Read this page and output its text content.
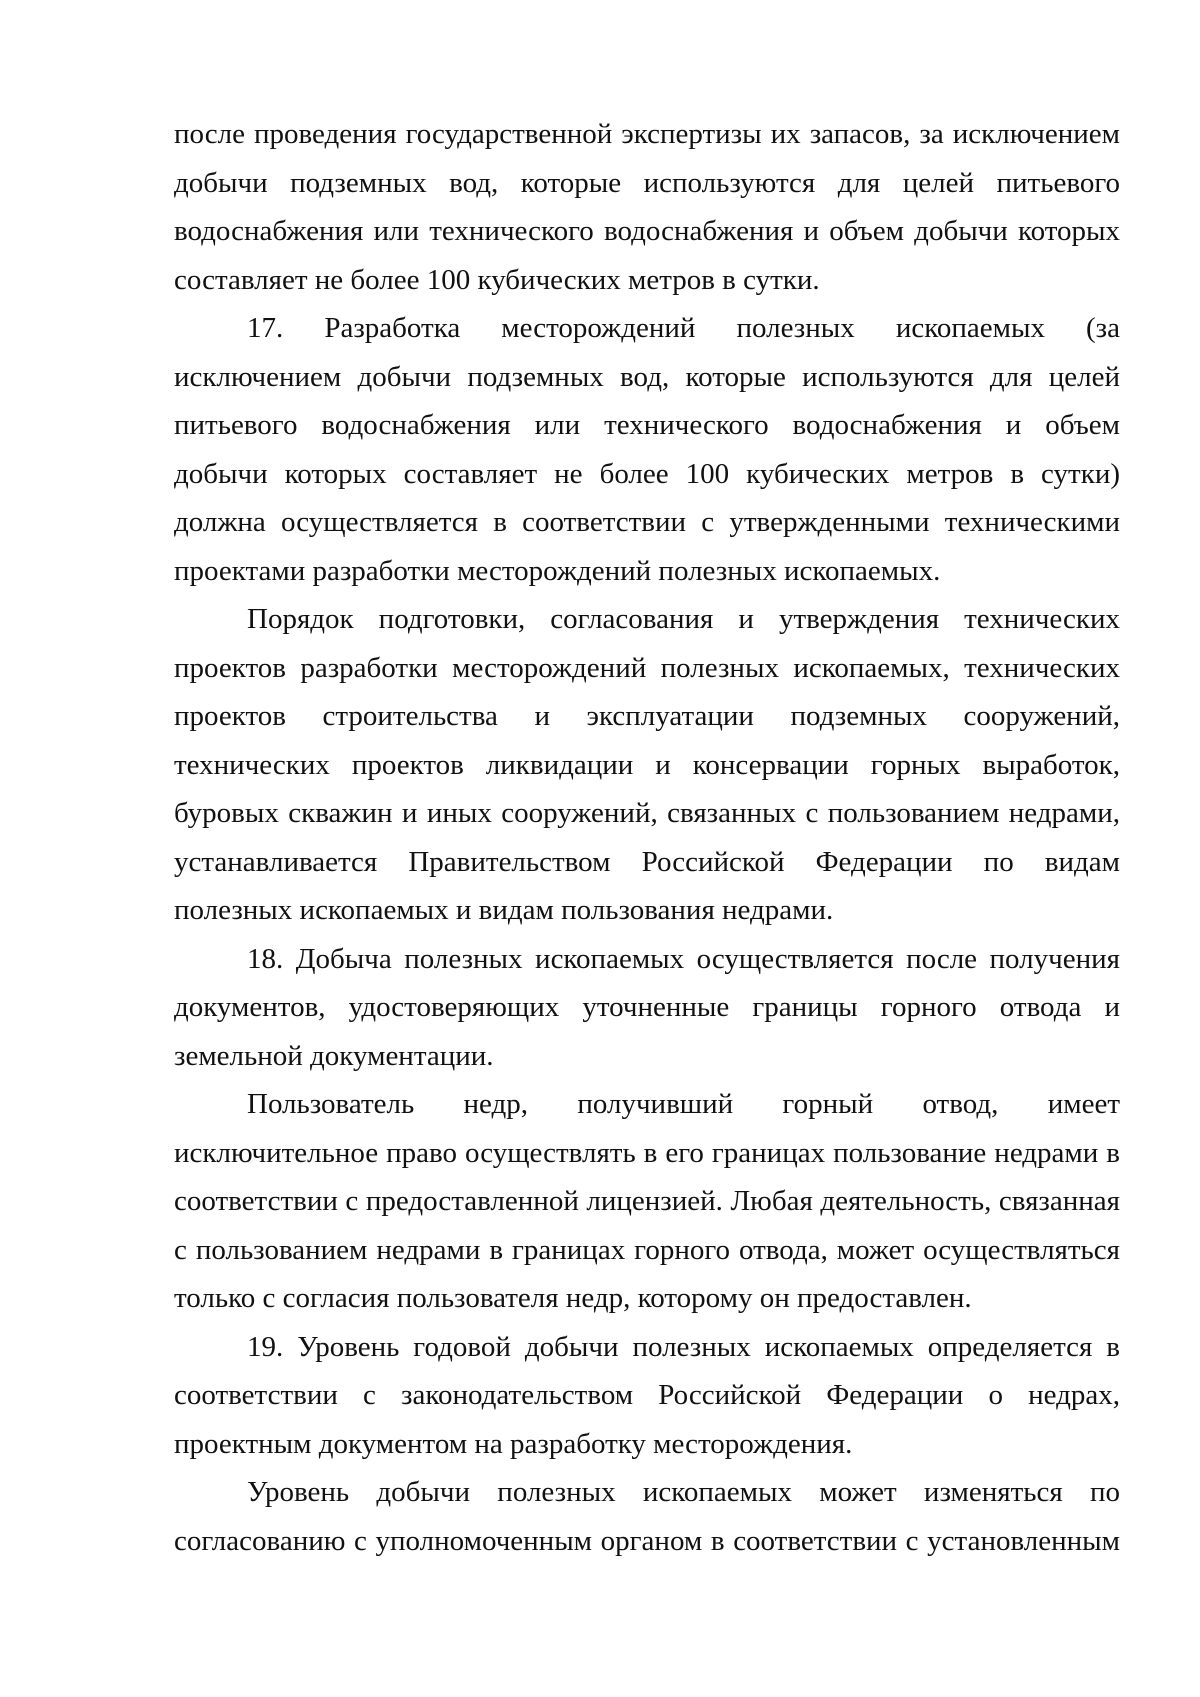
после проведения государственной экспертизы их запасов, за исключением добычи подземных вод, которые используются для целей питьевого водоснабжения или технического водоснабжения и объем добычи которых составляет не более 100 кубических метров в сутки.

17. Разработка месторождений полезных ископаемых (за исключением добычи подземных вод, которые используются для целей питьевого водоснабжения или технического водоснабжения и объем добычи которых составляет не более 100 кубических метров в сутки) должна осуществляется в соответствии с утвержденными техническими проектами разработки месторождений полезных ископаемых.

Порядок подготовки, согласования и утверждения технических проектов разработки месторождений полезных ископаемых, технических проектов строительства и эксплуатации подземных сооружений, технических проектов ликвидации и консервации горных выработок, буровых скважин и иных сооружений, связанных с пользованием недрами, устанавливается Правительством Российской Федерации по видам полезных ископаемых и видам пользования недрами.

18. Добыча полезных ископаемых осуществляется после получения документов, удостоверяющих уточненные границы горного отвода и земельной документации.

Пользователь недр, получивший горный отвод, имеет исключительное право осуществлять в его границах пользование недрами в соответствии с предоставленной лицензией. Любая деятельность, связанная с пользованием недрами в границах горного отвода, может осуществляться только с согласия пользователя недр, которому он предоставлен.

19. Уровень годовой добычи полезных ископаемых определяется в соответствии с законодательством Российской Федерации о недрах, проектным документом на разработку месторождения.

Уровень добычи полезных ископаемых может изменяться по согласованию с уполномоченным органом в соответствии с установленным
